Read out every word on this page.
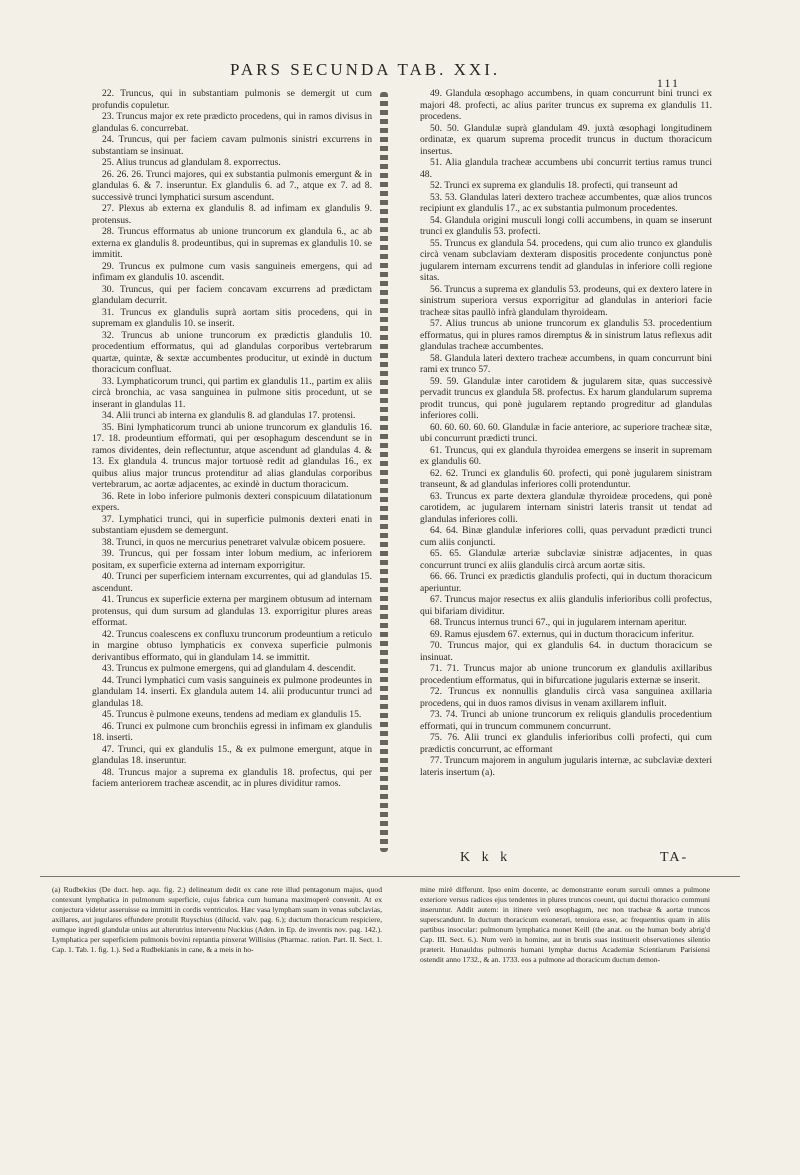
PARS SECUNDA TAB. XXI.
111

22. Truncus, qui in substantiam pulmonis se demergit ut cum profundis copuletur.

23. Truncus major ex rete prædicto procedens, qui in ramos divisus in glandulas 6. concurrebat.

24. Truncus, qui per faciem cavam pulmonis sinistri excurrens in substantiam se insinuat.

25. Alius truncus ad glandulam 8. exporrectus.

26. 26. 26. Trunci majores, qui ex substantia pulmonis emergunt & in glandulas 6. & 7. inseruntur. Ex glandulis 6. ad 7., atque ex 7. ad 8. successivè trunci lymphatici sursum ascendunt.

27. Plexus ab externa ex glandulis 8. ad infimam ex glandulis 9. protensus.

28. Truncus efformatus ab unione truncorum ex glandula 6., ac ab externa ex glandulis 8. prodeuntibus, qui in supremas ex glandulis 10. se immitit.

29. Truncus ex pulmone cum vasis sanguineis emergens, qui ad infimam ex glandulis 10. ascendit.

30. Truncus, qui per faciem concavam excurrens ad prædictam glandulam decurrit.

31. Truncus ex glandulis suprà aortam sitis procedens, qui in supremam ex glandulis 10. se inserit.

32. Truncus ab unione truncorum ex prædictis glandulis 10. procedentium efformatus, qui ad glandulas corporibus vertebrarum quartæ, quintæ, & sextæ accumbentes producitur, ut exindè in ductum thoracicum confluat.

33. Lymphaticorum trunci, qui partim ex glandulis 11., partim ex aliis circà bronchia, ac vasa sanguinea in pulmone sitis procedunt, ut se inserant in glandulas 11.

34. Alii trunci ab interna ex glandulis 8. ad glandulas 17. protensi.

35. Bini lymphaticorum trunci ab unione truncorum ex glandulis 16. 17. 18. prodeuntium efformati, qui per œsophagum descendunt se in ramos dividentes, dein reflectuntur, atque ascendunt ad glandulas 4. & 13. Ex glandula 4. truncus major tortuosè redit ad glandulas 16., ex quibus alius major truncus protenditur ad alias glandulas corporibus vertebrarum, ac aortæ adjacentes, ac exindè in ductum thoracicum.

36. Rete in lobo inferiore pulmonis dexteri conspicuum dilatationum expers.

37. Lymphatici trunci, qui in superficie pulmonis dexteri enati in substantiam ejusdem se demergunt.

38. Trunci, in quos ne mercurius penetraret valvulæ obicem posuere.

39. Truncus, qui per fossam inter lobum medium, ac inferiorem positam, ex superficie externa ad internam exporrigitur.

40. Trunci per superficiem internam excurrentes, qui ad glandulas 15. ascendunt.

41. Truncus ex superficie externa per marginem obtusum ad internam protensus, qui dum sursum ad glandulas 13. exporrigitur plures areas efformat.

42. Truncus coalescens ex confluxu truncorum prodeuntium a reticulo in margine obtuso lymphaticis ex convexa superficie pulmonis derivantibus efformato, qui in glandulam 14. se immittit.

43. Truncus ex pulmone emergens, qui ad glandulam 4. descendit.

44. Trunci lymphatici cum vasis sanguineis ex pulmone prodeuntes in glandulam 14. inserti. Ex glandula autem 14. alii producuntur trunci ad glandulas 18.

45. Truncus è pulmone exeuns, tendens ad mediam ex glandulis 15.

46. Trunci ex pulmone cum bronchiis egressi in infimam ex glandulis 18. inserti.

47. Trunci, qui ex glandulis 15., & ex pulmone emergunt, atque in glandulas 18. inseruntur.

48. Truncus major a suprema ex glandulis 18. profectus, qui per faciem anteriorem tracheæ ascendit, ac in plures dividitur ramos.

49. Glandula œsophago accumbens, in quam concurrunt bini trunci ex majori 48. profecti, ac alius pariter truncus ex suprema ex glandulis 11. procedens.

50. 50. Glandulæ suprà glandulam 49. juxtà œsophagi longitudinem ordinatæ, ex quarum suprema procedit truncus in ductum thoracicum insertus.

51. Alia glandula tracheæ accumbens ubi concurrit tertius ramus trunci 48.

52. Trunci ex suprema ex glandulis 18. profecti, qui transeunt ad

53. 53. Glandulas lateri dextero tracheæ accumbentes, quæ alios truncos recipiunt ex glandulis 17., ac ex substantia pulmonum procedentes.

54. Glandula origini musculi longi colli accumbens, in quam se inserunt trunci ex glandulis 53. profecti.

55. Truncus ex glandula 54. procedens, qui cum alio trunco ex glandulis circà venam subclaviam dexteram dispositis procedente conjunctus ponè jugularem internam excurrens tendit ad glandulas in inferiore colli regione sitas.

56. Truncus a suprema ex glandulis 53. prodeuns, qui ex dextero latere in sinistrum superiora versus exporrigitur ad glandulas in anteriori facie tracheæ sitas paullò infrà glandulam thyroideam.

57. Alius truncus ab unione truncorum ex glandulis 53. procedentium efformatus, qui in plures ramos diremptus & in sinistrum latus reflexus adit glandulas tracheæ accumbentes.

58. Glandula lateri dextero tracheæ accumbens, in quam concurrunt bini rami ex trunco 57.

59. 59. Glandulæ inter carotidem & jugularem sitæ, quas successivè pervadit truncus ex glandula 58. profectus. Ex harum glandularum suprema prodit truncus, qui ponè jugularem reptando progreditur ad glandulas inferiores colli.

60. 60. 60. 60. 60. Glandulæ in facie anteriore, ac superiore tracheæ sitæ, ubi concurrunt prædicti trunci.

61. Truncus, qui ex glandula thyroidea emergens se inserit in supremam ex glandulis 60.

62. 62. Trunci ex glandulis 60. profecti, qui ponè jugularem sinistram transeunt, & ad glandulas inferiores colli protenduntur.

63. Truncus ex parte dextera glandulæ thyroideæ procedens, qui ponè carotidem, ac jugularem internam sinistri lateris transit ut tendat ad glandulas inferiores colli.

64. 64. Binæ glandulæ inferiores colli, quas pervadunt prædicti trunci cum aliis conjuncti.

65. 65. Glandulæ arteriæ subclaviæ sinistræ adjacentes, in quas concurrunt trunci ex aliis glandulis circà arcum aortæ sitis.

66. 66. Trunci ex prædictis glandulis profecti, qui in ductum thoracicum aperiuntur.

67. Truncus major resectus ex aliis glandulis inferioribus colli profectus, qui bifariam dividitur.

68. Truncus internus trunci 67., qui in jugularem internam aperitur.

69. Ramus ejusdem 67. externus, qui in ductum thoracicum inferitur.

70. Truncus major, qui ex glandulis 64. in ductum thoracicum se insinuat.

71. 71. Truncus major ab unione truncorum ex glandulis axillaribus procedentium efformatus, qui in bifurcatione jugularis externæ se inserit.

72. Truncus ex nonnullis glandulis circà vasa sanguinea axillaria procedens, qui in duos ramos divisus in venam axillarem influit.

73. 74. Trunci ab unione truncorum ex reliquis glandulis procedentium efformati, qui in truncum communem concurrunt.

75. 76. Alii trunci ex glandulis inferioribus colli profecti, qui cum prædictis concurrunt, ac efformant

77. Truncum majorem in angulum jugularis internæ, ac subclaviæ dexteri lateris insertum (a).

K k k	TA-
(a) Rudbekius (De duct. hep. aqu. fig. 2.) delineatum dedit ex cane rete illud pentagonum majus, quod contexunt lymphatica in pulmonum superficie, cujus fabrica cum humana maximoperè convenit. At ex conjectura videtur asseruisse ea immitti in cordis ventriculos. Hæc vasa lympham suam in venas subclavias, axillares, aut jugulares effundere protulit Ruyschius (dilucid. valv. pag. 6.); ductum thoracicum respiciere, eumque ingredi glandulæ unius aut alterutrius interventu Nuckius (Aden. in Ep. de inventis nov. pag. 142.). Lymphatica per superficiem pulmonis bovini reptantia pinxerat Willisius (Pharmac. ration. Part. II. Sect. 1. Cap. 1. Tab. 1. fig. 1.). Sed a Rudbekianis in cane, & a meis in ho-
mine mirè differunt. Ipso enim docente, ac demonstrante eorum surculi omnes a pulmone exteriore versus radices ejus tendentes in plures truncos coeunt, qui ductui thoracico communi inseruntur. Addit autem: in itinere verò œsophagum, nec non tracheæ & aortæ truncos superscandunt. In ductum thoracicum exonerari, tenuiora esse, ac frequentius quam in aliis partibus insocular: pulmonum lymphatica monet Keill (the anat. ou the human body abrig'd Cap. III. Sect. 6.). Num verò in homine, aut in brutis suas instituerit observationes silentio præterit. Hunauldus pulmonis humani lymphæ ductus Academiæ Scientiarum Parisiensi ostendit anno 1732., & an. 1733. eos a pulmone ad thoracicum ductum demon-
